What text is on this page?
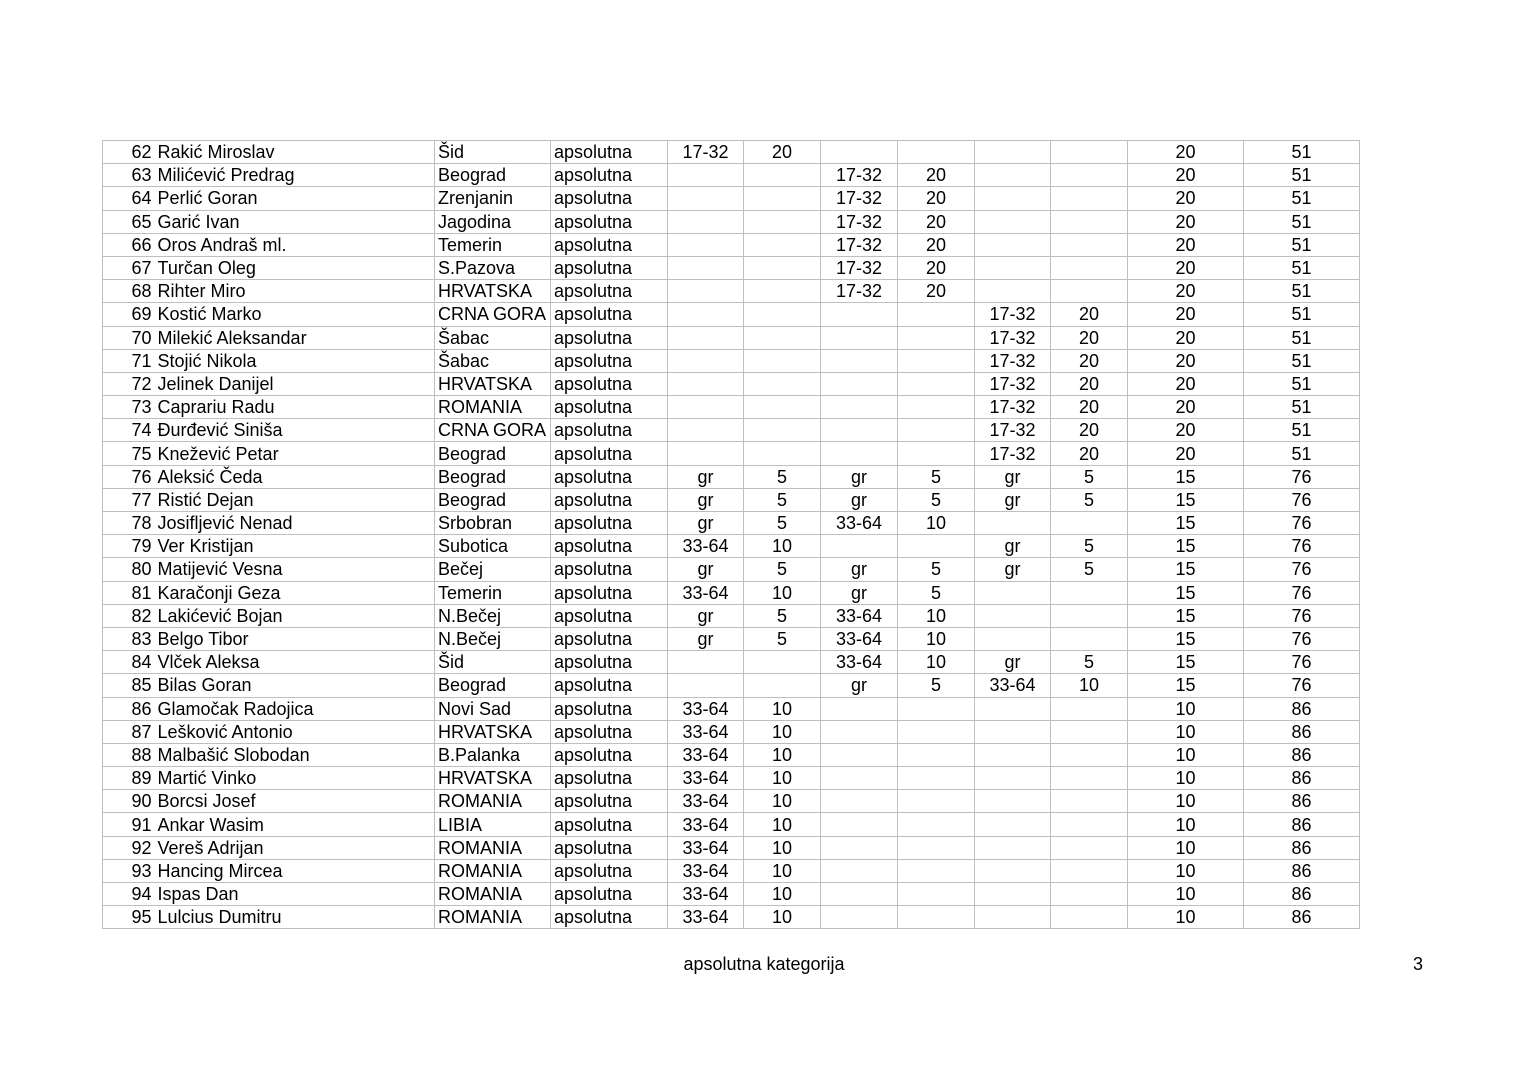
62	Rakić Miroslav	Šid	apsolutna	17-32	20					20	51
63	Milićević Predrag	Beograd	apsolutna			17-32	20			20	51
64	Perlić Goran	Zrenjanin	apsolutna			17-32	20			20	51
65	Garić Ivan	Jagodina	apsolutna			17-32	20			20	51
66	Oros Andraš ml.	Temerin	apsolutna			17-32	20			20	51
67	Turčan Oleg	S.Pazova	apsolutna			17-32	20			20	51
68	Rihter Miro	HRVATSKA	apsolutna			17-32	20			20	51
69	Kostić Marko	CRNA GORA	apsolutna					17-32	20	20	51
70	Milekić Aleksandar	Šabac	apsolutna					17-32	20	20	51
71	Stojić Nikola	Šabac	apsolutna					17-32	20	20	51
72	Jelinek Danijel	HRVATSKA	apsolutna					17-32	20	20	51
73	Caprariu Radu	ROMANIA	apsolutna					17-32	20	20	51
74	Đurđević Siniša	CRNA GORA	apsolutna					17-32	20	20	51
75	Knežević Petar	Beograd	apsolutna					17-32	20	20	51
76	Aleksić Čeda	Beograd	apsolutna	gr	5	gr	5	gr	5	15	76
77	Ristić Dejan	Beograd	apsolutna	gr	5	gr	5	gr	5	15	76
78	Josifljević Nenad	Srbobran	apsolutna	gr	5	33-64	10			15	76
79	Ver Kristijan	Subotica	apsolutna	33-64	10			gr	5	15	76
80	Matijević Vesna	Bečej	apsolutna	gr	5	gr	5	gr	5	15	76
81	Karačonji Geza	Temerin	apsolutna	33-64	10	gr	5			15	76
82	Lakićević Bojan	N.Bečej	apsolutna	gr	5	33-64	10			15	76
83	Belgo Tibor	N.Bečej	apsolutna	gr	5	33-64	10			15	76
84	Vlček Aleksa	Šid	apsolutna			33-64	10	gr	5	15	76
85	Bilas Goran	Beograd	apsolutna			gr	5	33-64	10	15	76
86	Glamočak Radojica	Novi Sad	apsolutna	33-64	10					10	86
87	Lešković Antonio	HRVATSKA	apsolutna	33-64	10					10	86
88	Malbašić Slobodan	B.Palanka	apsolutna	33-64	10					10	86
89	Martić Vinko	HRVATSKA	apsolutna	33-64	10					10	86
90	Borcsi Josef	ROMANIA	apsolutna	33-64	10					10	86
91	Ankar Wasim	LIBIA	apsolutna	33-64	10					10	86
92	Vereš Adrijan	ROMANIA	apsolutna	33-64	10					10	86
93	Hancing Mircea	ROMANIA	apsolutna	33-64	10					10	86
94	Ispas Dan	ROMANIA	apsolutna	33-64	10					10	86
95	Lulcius Dumitru	ROMANIA	apsolutna	33-64	10					10	86
apsolutna kategorija	3
